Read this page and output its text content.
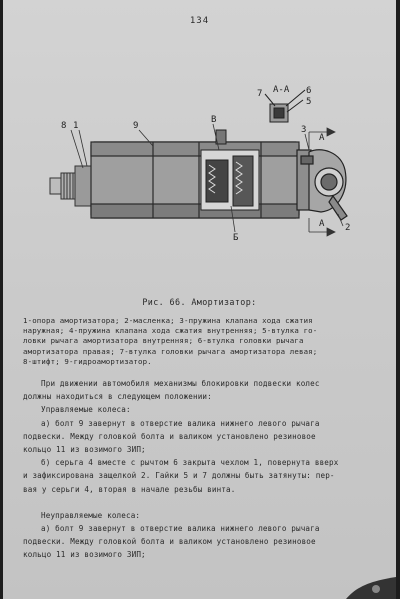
134
8 1	9
В
3
А
А 2
Б
А-А
7	6
5
Рис. 66. Амортизатор:
1-опора амортизатора; 2-масленка; 3-пружина клапана хода сжатия
наружная; 4-пружина клапана хода сжатия внутренняя; 5-втулка го-
ловки рычага амортизатора внутренняя; 6-втулка головки рычага
амортизатора правая; 7-втулка головки рычага амортизатора левая;
8-штифт; 9-гидроамортизатор.
При движении автомобиля механизмы блокировки подвески колес
должны находиться в следующем положении:
Управляемые колеса:
а) болт 9 завернут в отверстие валика нижнего левого рычага
подвески. Между головкой болта и валиком установлено резиновое
кольцо 11 из возимого ЗИП;
б) серьга 4 вместе с рычтом 6 закрыта чехлом 1, повернута вверх
и зафиксирована защелкой 2. Гайки 5 и 7 должны быть затянуты: пер-
вая у серьги 4, вторая в начале резьбы винта.
Неуправляемые колеса:
а) болт 9 завернут в отверстие валика нижнего левого рычага
подвески. Между головкой болта и валиком установлено резиновое
кольцо 11 из возимого ЗИП;
